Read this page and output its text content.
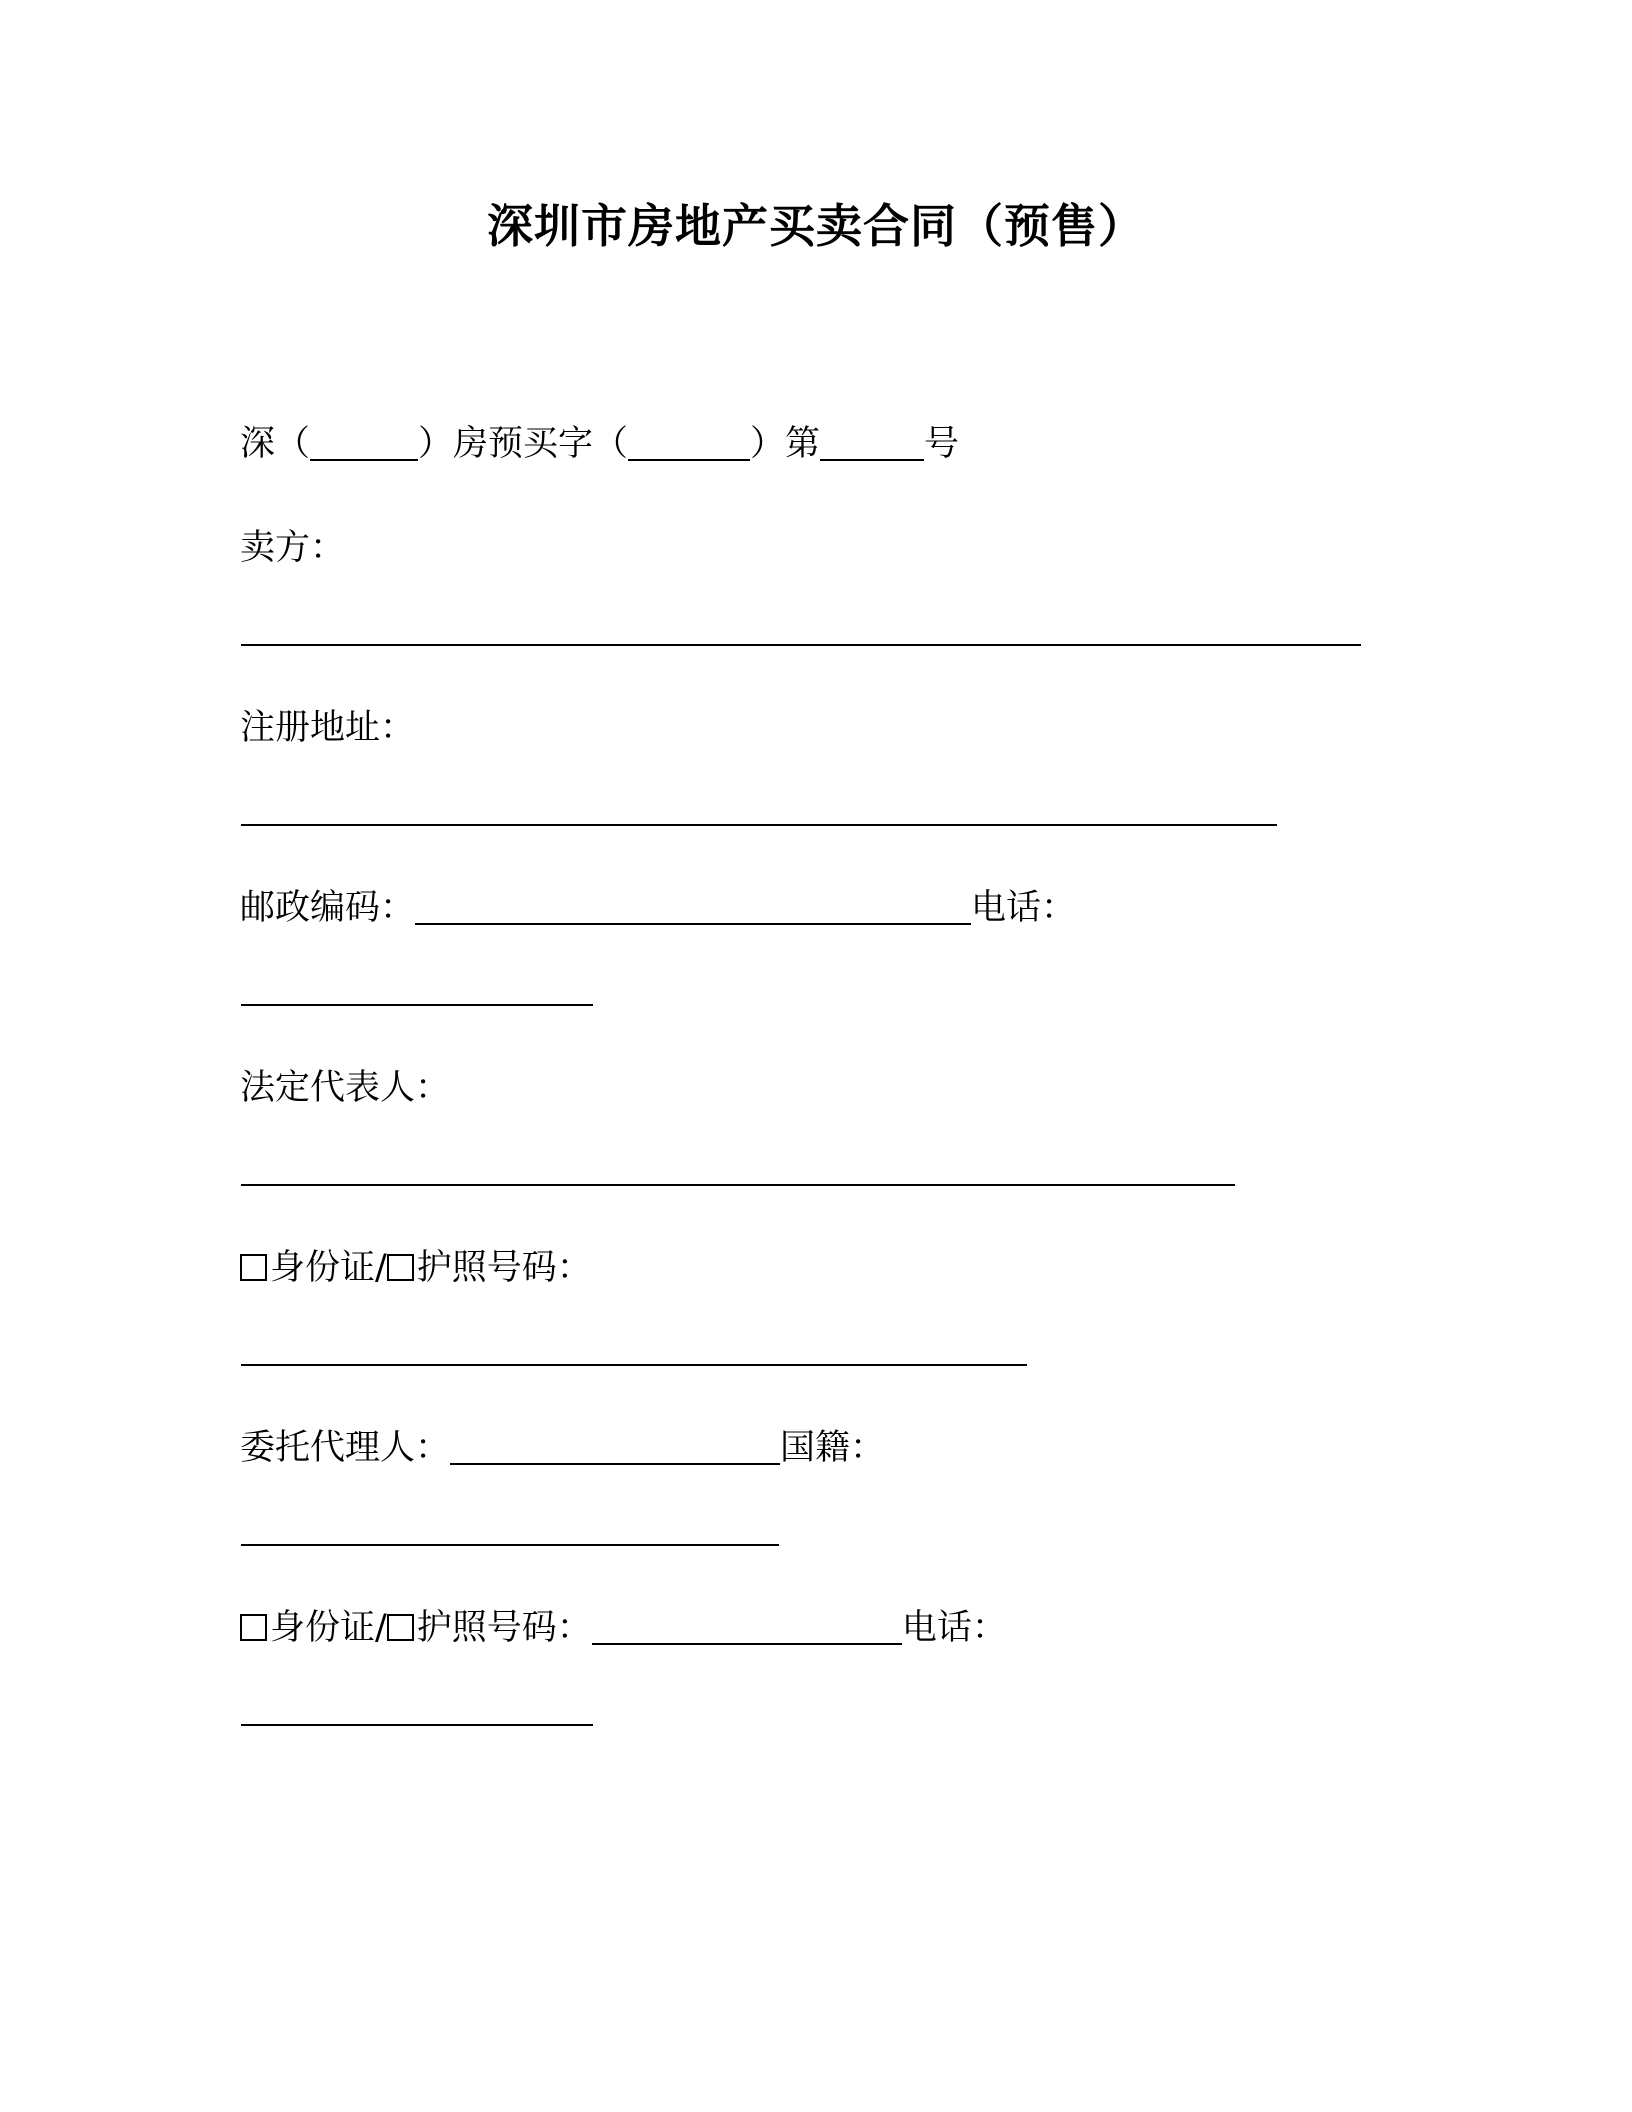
深圳市房地产买卖合同（预售）
深（	）房预买字（	）第	号
卖方：
注册地址：
邮政编码：	电话：
法定代表人：
身份证/ 护照号码：
委托代理人：	国籍：
身份证/ 护照号码：	电话：
